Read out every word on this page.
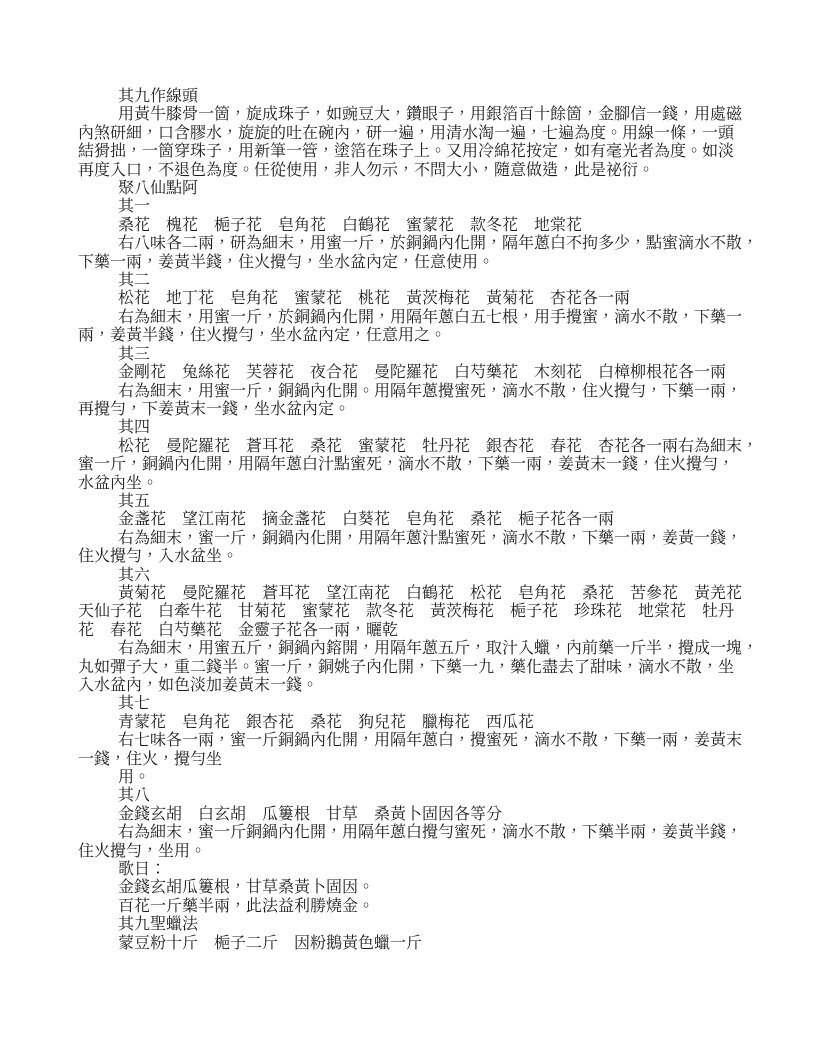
其九作線頭

用黃牛膝骨一箇，旋成珠子，如豌豆大，鑽眼子，用銀箔百十餘箇，金腳信一錢，用處磁

內煞研細，口含膠水，旋旋的吐在碗內，研一遍，用清水淘一遍，七遍為度。用線一條，一頭

結猾拙，一箇穿珠子，用新筆一管，塗箔在珠子上。又用冷綿花按定，如有毫光者為度。如淡

再度入口，不退色為度。任從使用，非人勿示，不問大小，隨意做造，此是祕衍。

聚八仙點阿

其一

桑花　槐花　梔子花　皂角花　白鶴花　蜜蒙花　款冬花　地棠花

右八味各二兩，研為細末，用蜜一斤，於銅鍋內化開，隔年蔥白不拘多少，點蜜滴水不散，

下藥一兩，姜黃半錢，住火攪勻，坐水盆內定，任意使用。

其二

松花　地丁花　皂角花　蜜蒙花　桃花　黃茨梅花　黃菊花　杏花各一兩

右為細末，用蜜一斤，於銅鍋內化開，用隔年蔥白五七根，用手攪蜜，滴水不散，下藥一

兩，姜黃半錢，住火攪勻，坐水盆內定，任意用之。

其三

金剛花　兔絲花　芙蓉花　夜合花　曼陀羅花　白芍藥花　木刻花　白樟柳根花各一兩

右為細末，用蜜一斤，銅鍋內化開。用隔年蔥攪蜜死，滴水不散，住火攪勻，下藥一兩，

再攪勻，下姜黃末一錢，坐水盆內定。

其四

松花　曼陀羅花　蒼耳花　桑花　蜜蒙花　牡丹花　銀杏花　春花　杏花各一兩右為細末，

蜜一斤，銅鍋內化開，用隔年蔥白汁點蜜死，滴水不散，下藥一兩，姜黃末一錢，住火攪勻，

水盆內坐。

其五

金盞花　望江南花　摘金盞花　白葵花　皂角花　桑花　梔子花各一兩

右為細末，蜜一斤，銅鍋內化開，用隔年蔥汁點蜜死，滴水不散，下藥一兩，姜黃一錢，

住火攪勻，入水盆坐。

其六

黃菊花　曼陀羅花　蒼耳花　望江南花　白鶴花　松花　皂角花　桑花　苦參花　黃羌花

天仙子花　白牽牛花　甘菊花　蜜蒙花　款冬花　黃茨梅花　梔子花　珍珠花　地棠花　牡丹

花　春花　白芍藥花　金靈子花各一兩，曬乾

右為細末，用蜜五斤，銅鍋內鎔開，用隔年蔥五斤，取汁入蠟，內前藥一斤半，攪成一塊，

丸如彈子大，重二錢半。蜜一斤，銅姚子內化開，下藥一九，藥化盡去了甜味，滴水不散，坐

入水盆內，如色淡加姜黃末一錢。

其七

青蒙花　皂角花　銀杏花　桑花　狗兒花　臘梅花　西瓜花

右七味各一兩，蜜一斤銅鍋內化開，用隔年蔥白，攪蜜死，滴水不散，下藥一兩，姜黃末

一錢，住火，攪勻坐

用。

其八

金錢玄胡　白玄胡　瓜簍根　甘草　桑黃卜固因各等分

右為細末，蜜一斤銅鍋內化開，用隔年蔥白攪勻蜜死，滴水不散，下藥半兩，姜黃半錢，

住火攪勻，坐用。

歌日：

金錢玄胡瓜簍根，甘草桑黃卜固因。

百花一斤藥半兩，此法益利勝燒金。

其九聖蠟法

蒙豆粉十斤　梔子二斤　因粉鵝黃色蠟一斤
